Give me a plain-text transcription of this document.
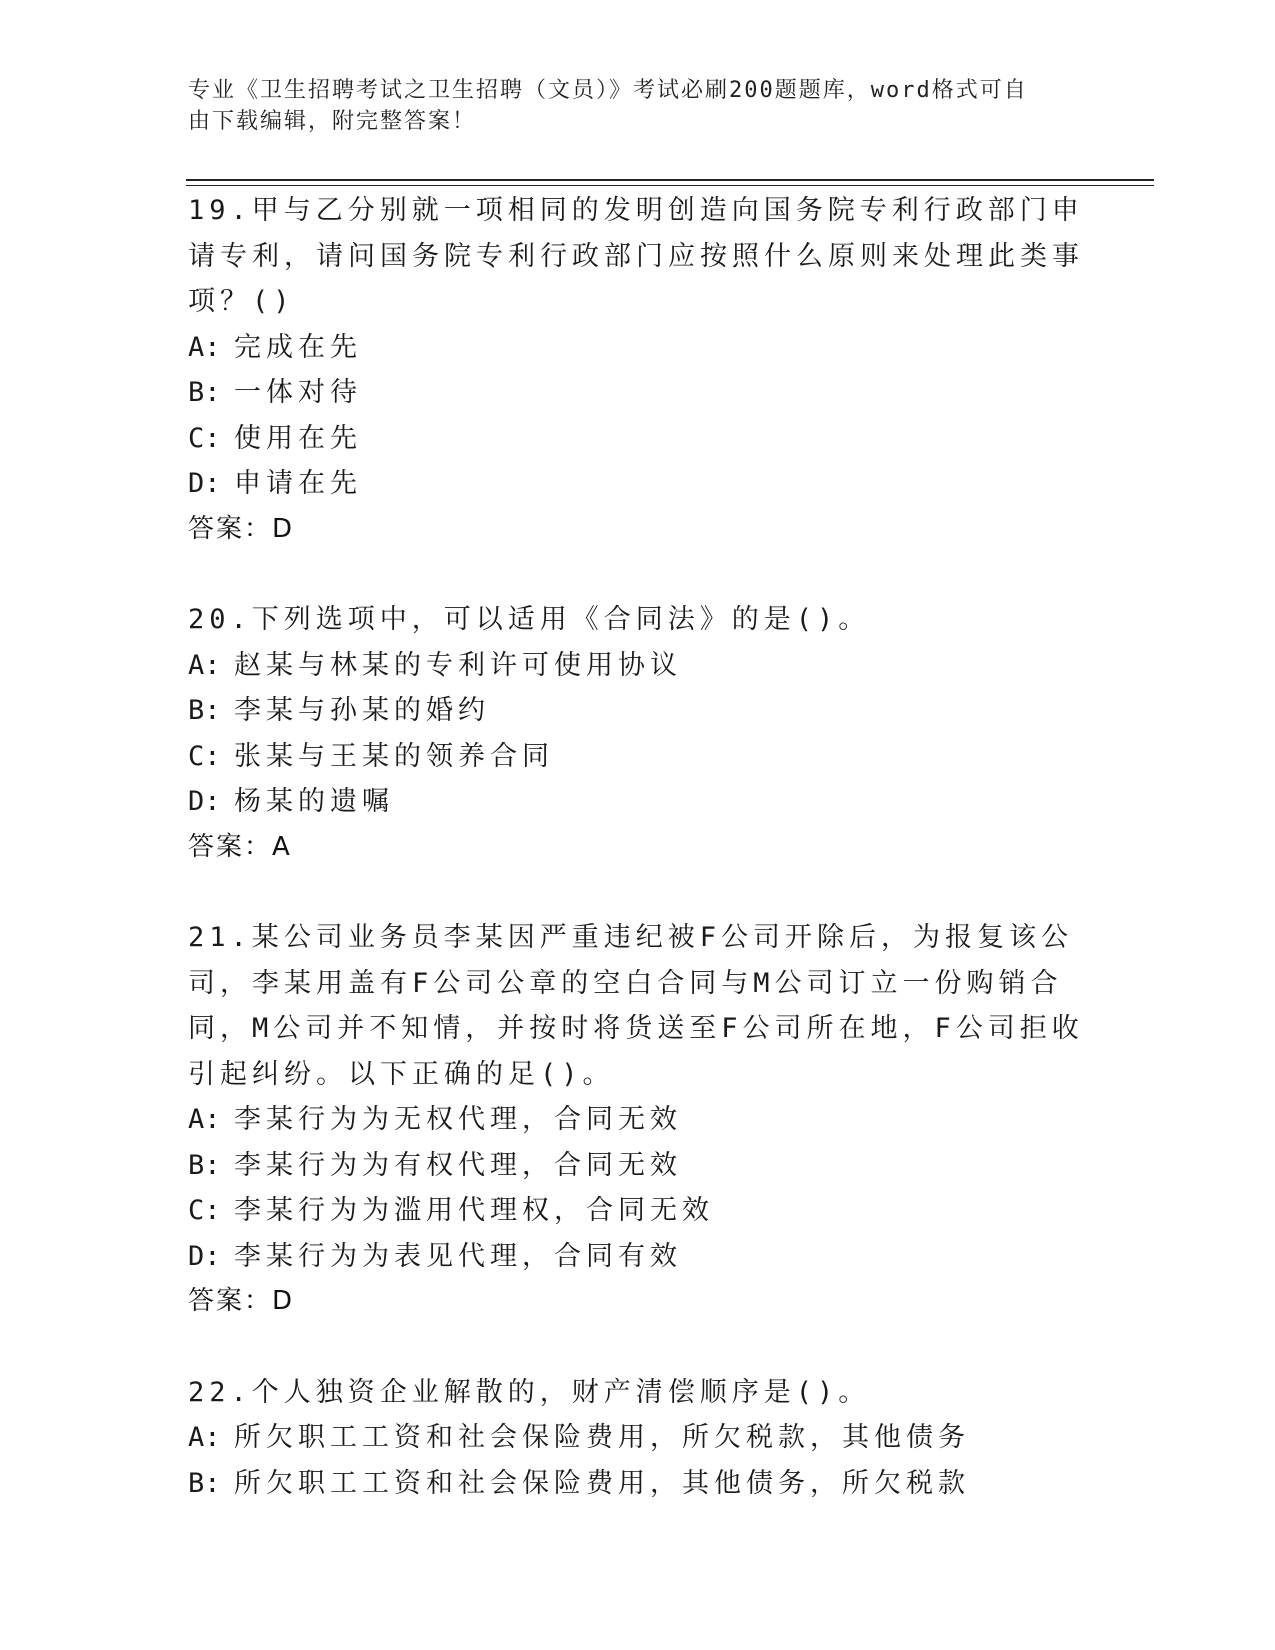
专业《卫生招聘考试之卫生招聘（文员）》考试必刷200题题库，word格式可自
由下载编辑，附完整答案！

19.甲与乙分别就一项相同的发明创造向国务院专利行政部门申请专利，请问国务院专利行政部门应按照什么原则来处理此类事项？()

A: 完成在先

B: 一体对待

C: 使用在先

D: 申请在先

答案：D

20.下列选项中，可以适用《合同法》的是()。

A: 赵某与林某的专利许可使用协议

B: 李某与孙某的婚约

C: 张某与王某的领养合同

D: 杨某的遗嘱

答案：A

21.某公司业务员李某因严重违纪被F公司开除后，为报复该公司，李某用盖有F公司公章的空白合同与M公司订立一份购销合同，M公司并不知情，并按时将货送至F公司所在地，F公司拒收引起纠纷。以下正确的足()。

A: 李某行为为无权代理，合同无效

B: 李某行为为有权代理，合同无效

C: 李某行为为滥用代理权，合同无效

D: 李某行为为表见代理，合同有效

答案：D

22.个人独资企业解散的，财产清偿顺序是()。

A: 所欠职工工资和社会保险费用，所欠税款，其他债务

B: 所欠职工工资和社会保险费用，其他债务，所欠税款
